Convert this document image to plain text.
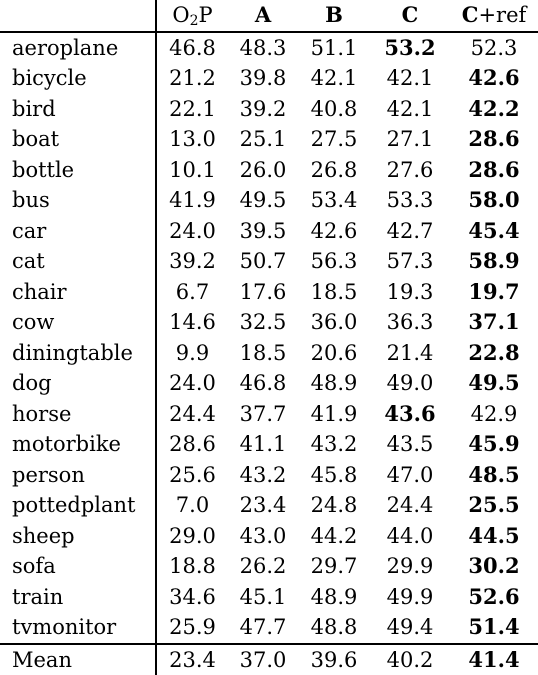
	$O_2P$	A	B	C	C+ref
aeroplane	46.8	48.3	51.1	53.2	52.3
bicycle	21.2	39.8	42.1	42.1	42.6
bird	22.1	39.2	40.8	42.1	42.2
boat	13.0	25.1	27.5	27.1	28.6
bottle	10.1	26.0	26.8	27.6	28.6
bus	41.9	49.5	53.4	53.3	58.0
car	24.0	39.5	42.6	42.7	45.4
cat	39.2	50.7	56.3	57.3	58.9
chair	6.7	17.6	18.5	19.3	19.7
cow	14.6	32.5	36.0	36.3	37.1
diningtable	9.9	18.5	20.6	21.4	22.8
dog	24.0	46.8	48.9	49.0	49.5
horse	24.4	37.7	41.9	43.6	42.9
motorbike	28.6	41.1	43.2	43.5	45.9
person	25.6	43.2	45.8	47.0	48.5
pottedplant	7.0	23.4	24.8	24.4	25.5
sheep	29.0	43.0	44.2	44.0	44.5
sofa	18.8	26.2	29.7	29.9	30.2
train	34.6	45.1	48.9	49.9	52.6
tvmonitor	25.9	47.7	48.8	49.4	51.4
Mean	23.4	37.0	39.6	40.2	41.4
